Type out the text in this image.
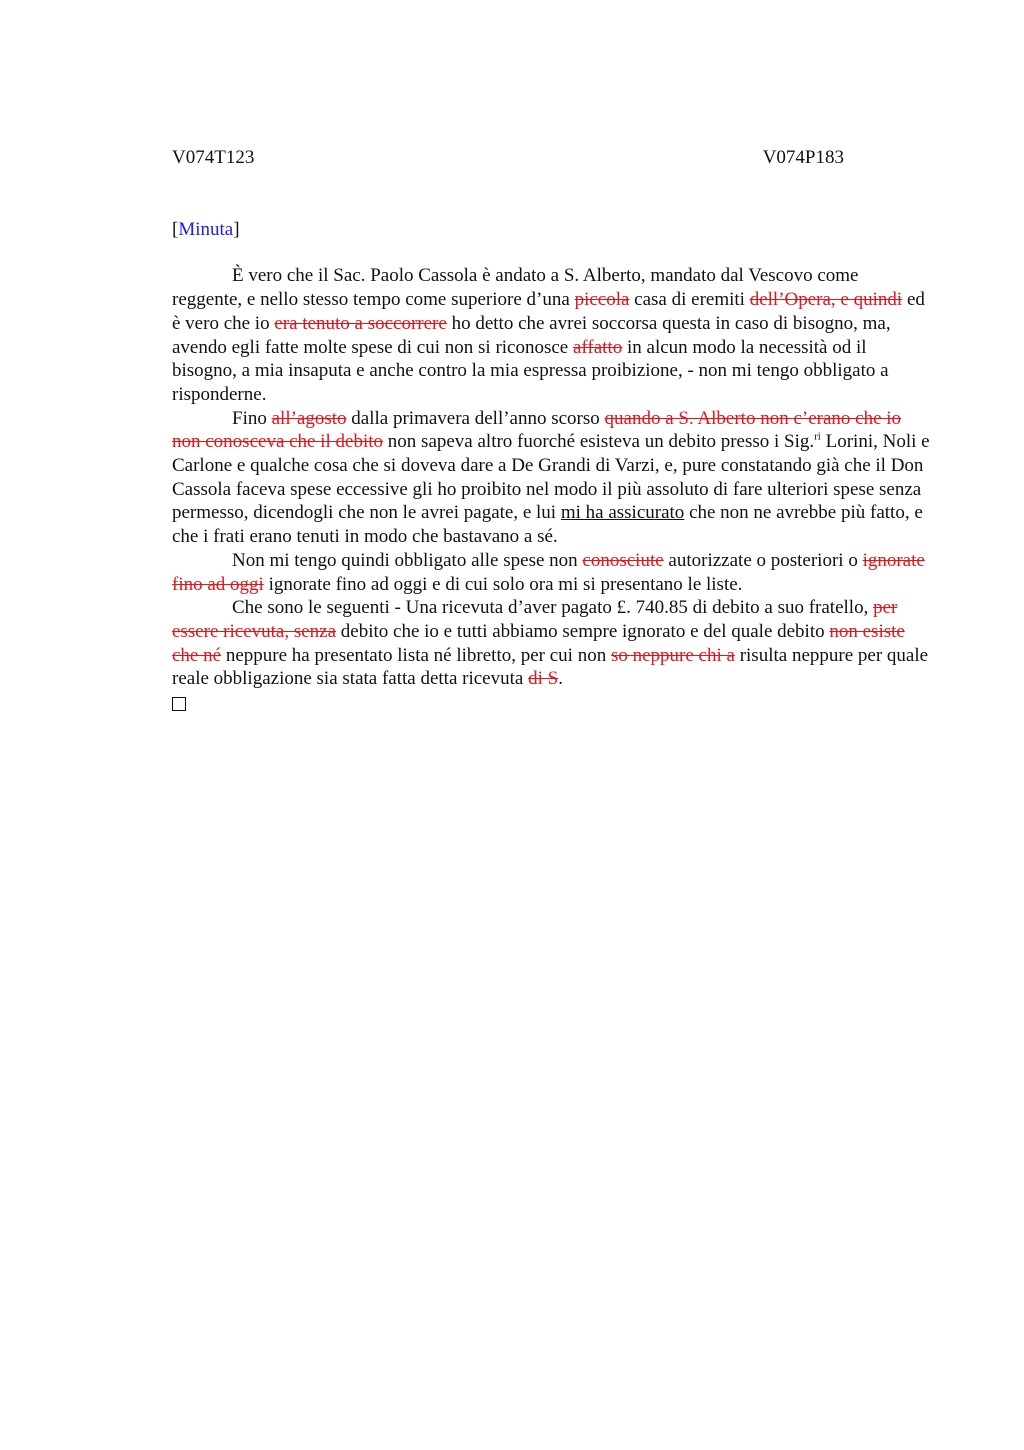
V074T123	V074P183
[Minuta]

È vero che il Sac. Paolo Cassola è andato a S. Alberto, mandato dal Vescovo come reggente, e nello stesso tempo come superiore d’una piccola casa di eremiti dell’Opera, e quindi ed è vero che io era tenuto a soccorrere ho detto che avrei soccorsa questa in caso di bisogno, ma, avendo egli fatte molte spese di cui non si riconosce affatto in alcun modo la necessità od il bisogno, a mia insaputa e anche contro la mia espressa proibizione, - non mi tengo obbligato a risponderne.

Fino all’agosto dalla primavera dell’anno scorso quando a S. Alberto non c’erano che io non conosceva che il debito non sapeva altro fuorché esisteva un debito presso i Sig.$^{ri}$ Lorini, Noli e Carlone e qualche cosa che si doveva dare a De Grandi di Varzi, e, pure constatando già che il Don Cassola faceva spese eccessive gli ho proibito nel modo il più assoluto di fare ulteriori spese senza permesso, dicendogli che non le avrei pagate, e lui mi ha assicurato che non ne avrebbe più fatto, e che i frati erano tenuti in modo che bastavano a sé.

Non mi tengo quindi obbligato alle spese non conosciute autorizzate o posteriori o ignorate fino ad oggi ignorate fino ad oggi e di cui solo ora mi si presentano le liste.

Che sono le seguenti - Una ricevuta d’aver pagato £. 740.85 di debito a suo fratello, per essere ricevuta, senza debito che io e tutti abbiamo sempre ignorato e del quale debito non esiste che né neppure ha presentato lista né libretto, per cui non so neppure chi a risulta neppure per quale reale obbligazione sia stata fatta detta ricevuta di S.
